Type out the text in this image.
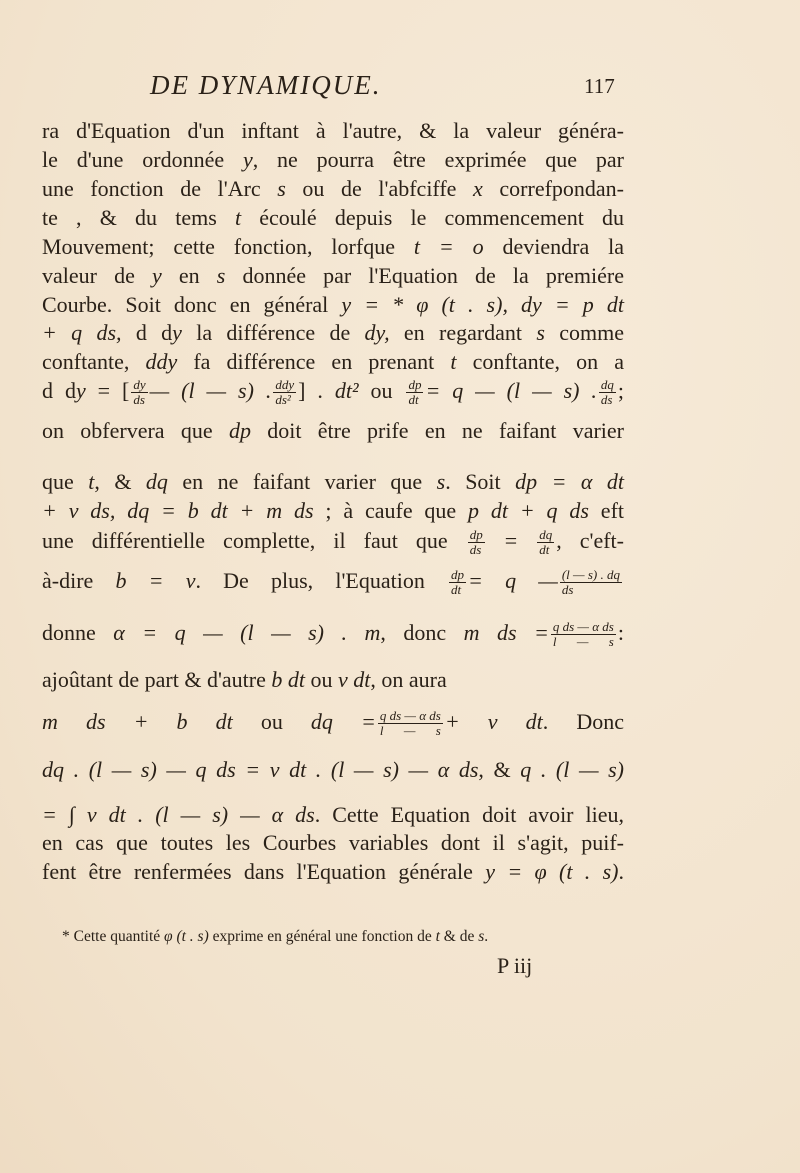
DE DYNAMIQUE.	117
ra d'Equation d'un inftant à l'autre, & la valeur généra-
le d'une ordonnée y, ne pourra être exprimée que par
une fonction de l'Arc s ou de l'abfciffe x correfpondan-
te , & du tems t écoulé depuis le commencement du
Mouvement; cette fonction, lorfque t = o deviendra la
valeur de y en s donnée par l'Equation de la premiére
Courbe. Soit donc en général y = * φ (t . s), dy = p dt
+ q ds, d dy la différence de dy, en regardant s comme
conftante, ddy fa différence en prenant t conftante, on a
d dy = [ $\frac{dy}{ds}$ — (l — s) . $\frac{\text{ddy}}{\text{ds²}}$ ] . dt² ou $\frac{dp}{dt} = q$ — (l — s) . $\frac{dq}{ds}$ ;
on obfervera que dp doit être prife en ne faifant varier
que t, & dq en ne faifant varier que s. Soit dp = α dt
+ v ds, dq = b dt + m ds ; à caufe que p dt + q ds eft
une différentielle complette, il faut que $\frac{dp}{ds} = \frac{dq}{dt}$ , c'eft-
à-dire b = v. De plus, l'Equation $\frac{dp}{dt} = q$ — $\frac{(l — s) . dq}{ds}$
donne α = q — (l — s) . m, donc m ds = $\frac{\text{q ds — α ds}}{l — s}$ :
ajoûtant de part & d'autre b dt ou v dt, on aura
m ds + b dt ou dq = $\frac{\text{q ds — α ds}}{l — s} + v$ dt. Donc
dq . (l — s) — q ds = v dt . (l — s) — α ds, & q . (l — s)
= ∫ v dt . (l — s) — α ds. Cette Equation doit avoir lieu,
en cas que toutes les Courbes variables dont il s'agit, puif-
fent être renfermées dans l'Equation générale y = φ (t . s).
* Cette quantité φ (t . s) exprime en général une fonction de t & de s.
P iij
